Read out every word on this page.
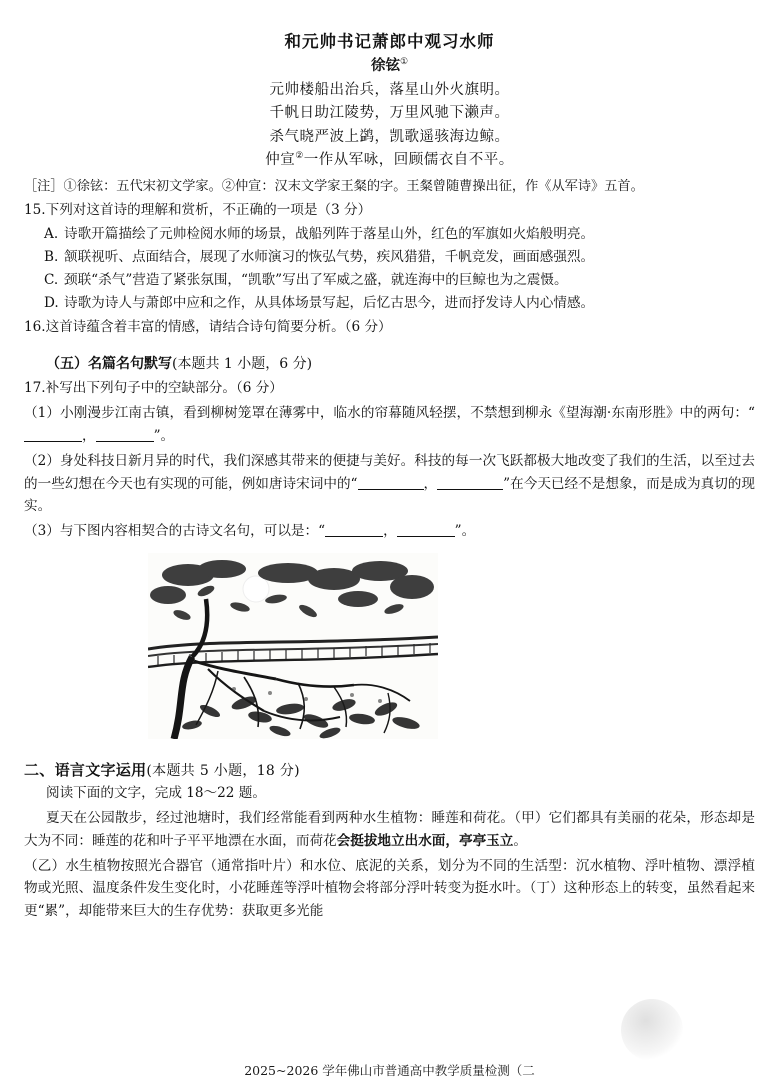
和元帅书记萧郎中观习水师
徐铉①
元帅楼船出治兵，落星山外火旗明。
千帆日助江陵势，万里风驰下濑声。
杀气晓严波上鹢，凯歌遥骇海边鲸。
仲宣②一作从军咏，回顾儒衣自不平。
［注］①徐铉：五代宋初文学家。②仲宣：汉末文学家王粲的字。王粲曾随曹操出征，作《从军诗》五首。
15.下列对这首诗的理解和赏析，不正确的一项是（3 分）
A. 诗歌开篇描绘了元帅检阅水师的场景，战船列阵于落星山外，红色的军旗如火焰般明亮。
B. 颔联视听、点面结合，展现了水师演习的恢弘气势，疾风猎猎，千帆竞发，画面感强烈。
C. 颈联“杀气”营造了紧张氛围，“凯歌”写出了军威之盛，就连海中的巨鲸也为之震慑。
D. 诗歌为诗人与萧郎中应和之作，从具体场景写起，后忆古思今，进而抒发诗人内心情感。
16.这首诗蕴含着丰富的情感，请结合诗句简要分析。（6 分）
（五）名篇名句默写(本题共 1 小题，6 分)
17.补写出下列句子中的空缺部分。（6 分）
（1）小刚漫步江南古镇，看到柳树笼罩在薄雾中，临水的帘幕随风轻摆，不禁想到柳永《望海潮·东南形胜》中的两句：“，	”。
（2）身处科技日新月异的时代，我们深感其带来的便捷与美好。科技的每一次飞跃都极大地改变了我们的生活，以至过去的一些幻想在今天也有实现的可能，例如唐诗宋词中的“	，	”在今天已经不是想象，而是成为真切的现实。
（3）与下图内容相契合的古诗文名句，可以是：“	，	”。
二、语言文字运用(本题共 5 小题，18 分)
阅读下面的文字，完成 18～22 题。
夏天在公园散步，经过池塘时，我们经常能看到两种水生植物：睡莲和荷花。（甲）它们都具有美丽的花朵，形态却是大为不同：睡莲的花和叶子平平地漂在水面，而荷花会挺拔地立出水面，亭亭玉立。
（乙）水生植物按照光合器官（通常指叶片）和水位、底泥的关系，划分为不同的生活型：沉水植物、浮叶植物、漂浮植物或光照、温度条件发生变化时，小花睡莲等浮叶植物会将部分浮叶转变为挺水叶。（丁）这种形态上的转变，虽然看起来更“累”，却能带来巨大的生存优势：获取更多光能
2025~2026 学年佛山市普通高中教学质量检测（二
